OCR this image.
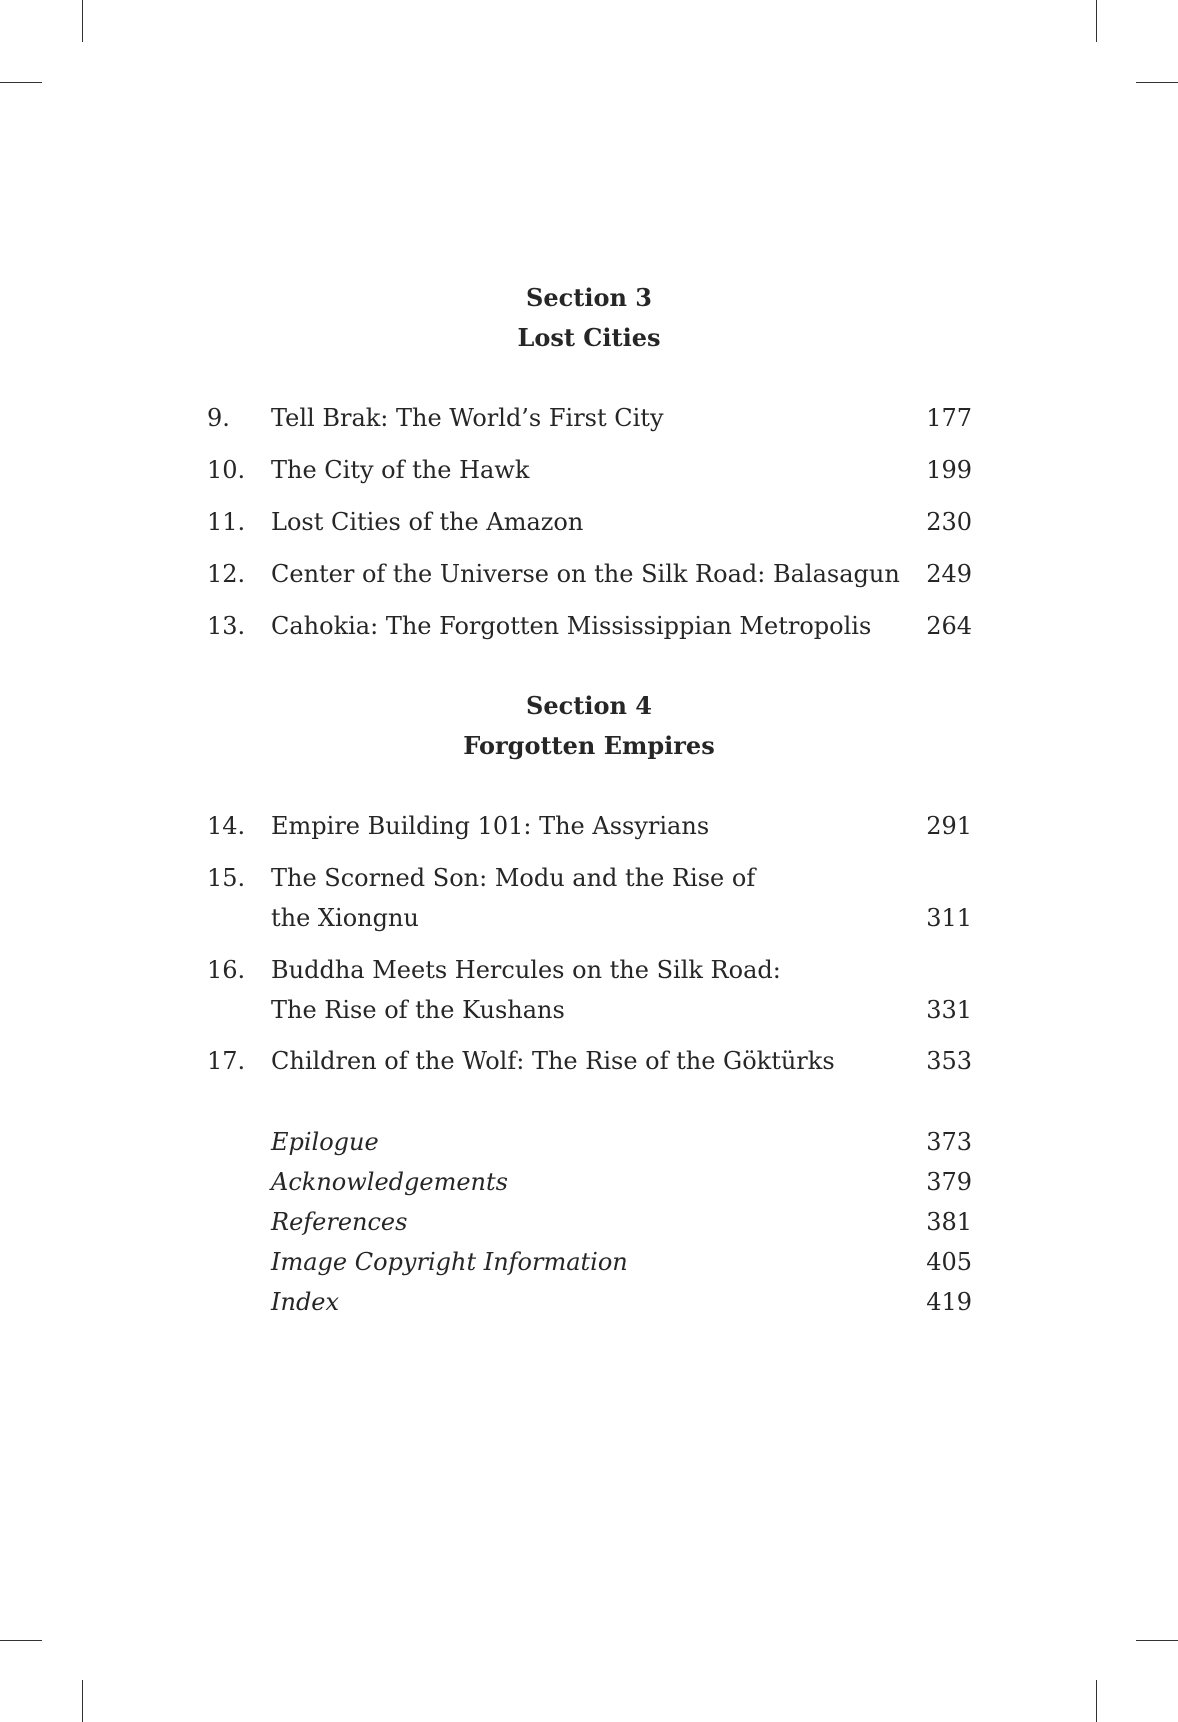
Section 3
Lost Cities
9. Tell Brak: The World’s First City	177
10. The City of the Hawk	199
11. Lost Cities of the Amazon	230
12. Center of the Universe on the Silk Road: Balasagun 249
13. Cahokia: The Forgotten Mississippian Metropolis	264
Section 4
Forgotten Empires
14. Empire Building 101: The Assyrians	291
15. The Scorned Son: Modu and the Rise of
the Xiongnu	311
16. Buddha Meets Hercules on the Silk Road:
The Rise of the Kushans	331
17. Children of the Wolf: The Rise of the Göktürks	353
Epilogue	373
Acknowledgements	379
References	381
Image Copyright Information	405
Index	419
